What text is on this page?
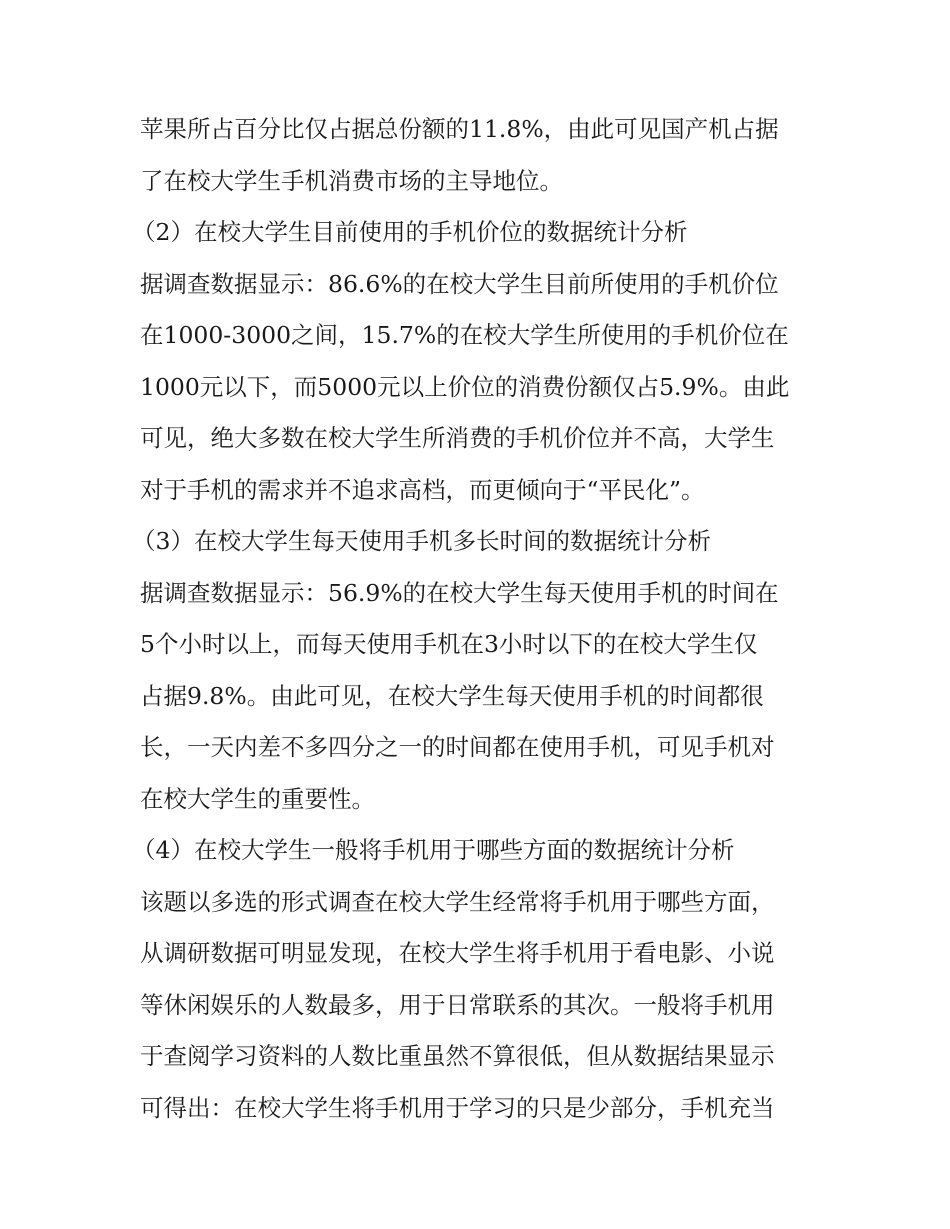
苹果所占百分比仅占据总份额的11.8%，由此可见国产机占据
了在校大学生手机消费市场的主导地位。
（2）在校大学生目前使用的手机价位的数据统计分析
据调查数据显示：86.6%的在校大学生目前所使用的手机价位
在1000-3000之间，15.7%的在校大学生所使用的手机价位在
1000元以下，而5000元以上价位的消费份额仅占5.9%。由此
可见，绝大多数在校大学生所消费的手机价位并不高，大学生
对于手机的需求并不追求高档，而更倾向于“平民化”。
（3）在校大学生每天使用手机多长时间的数据统计分析
据调查数据显示：56.9%的在校大学生每天使用手机的时间在
5个小时以上，而每天使用手机在3小时以下的在校大学生仅
占据9.8%。由此可见，在校大学生每天使用手机的时间都很
长，一天内差不多四分之一的时间都在使用手机，可见手机对
在校大学生的重要性。
（4）在校大学生一般将手机用于哪些方面的数据统计分析
该题以多选的形式调查在校大学生经常将手机用于哪些方面，
从调研数据可明显发现，在校大学生将手机用于看电影、小说
等休闲娱乐的人数最多，用于日常联系的其次。一般将手机用
于查阅学习资料的人数比重虽然不算很低，但从数据结果显示
可得出：在校大学生将手机用于学习的只是少部分，手机充当
